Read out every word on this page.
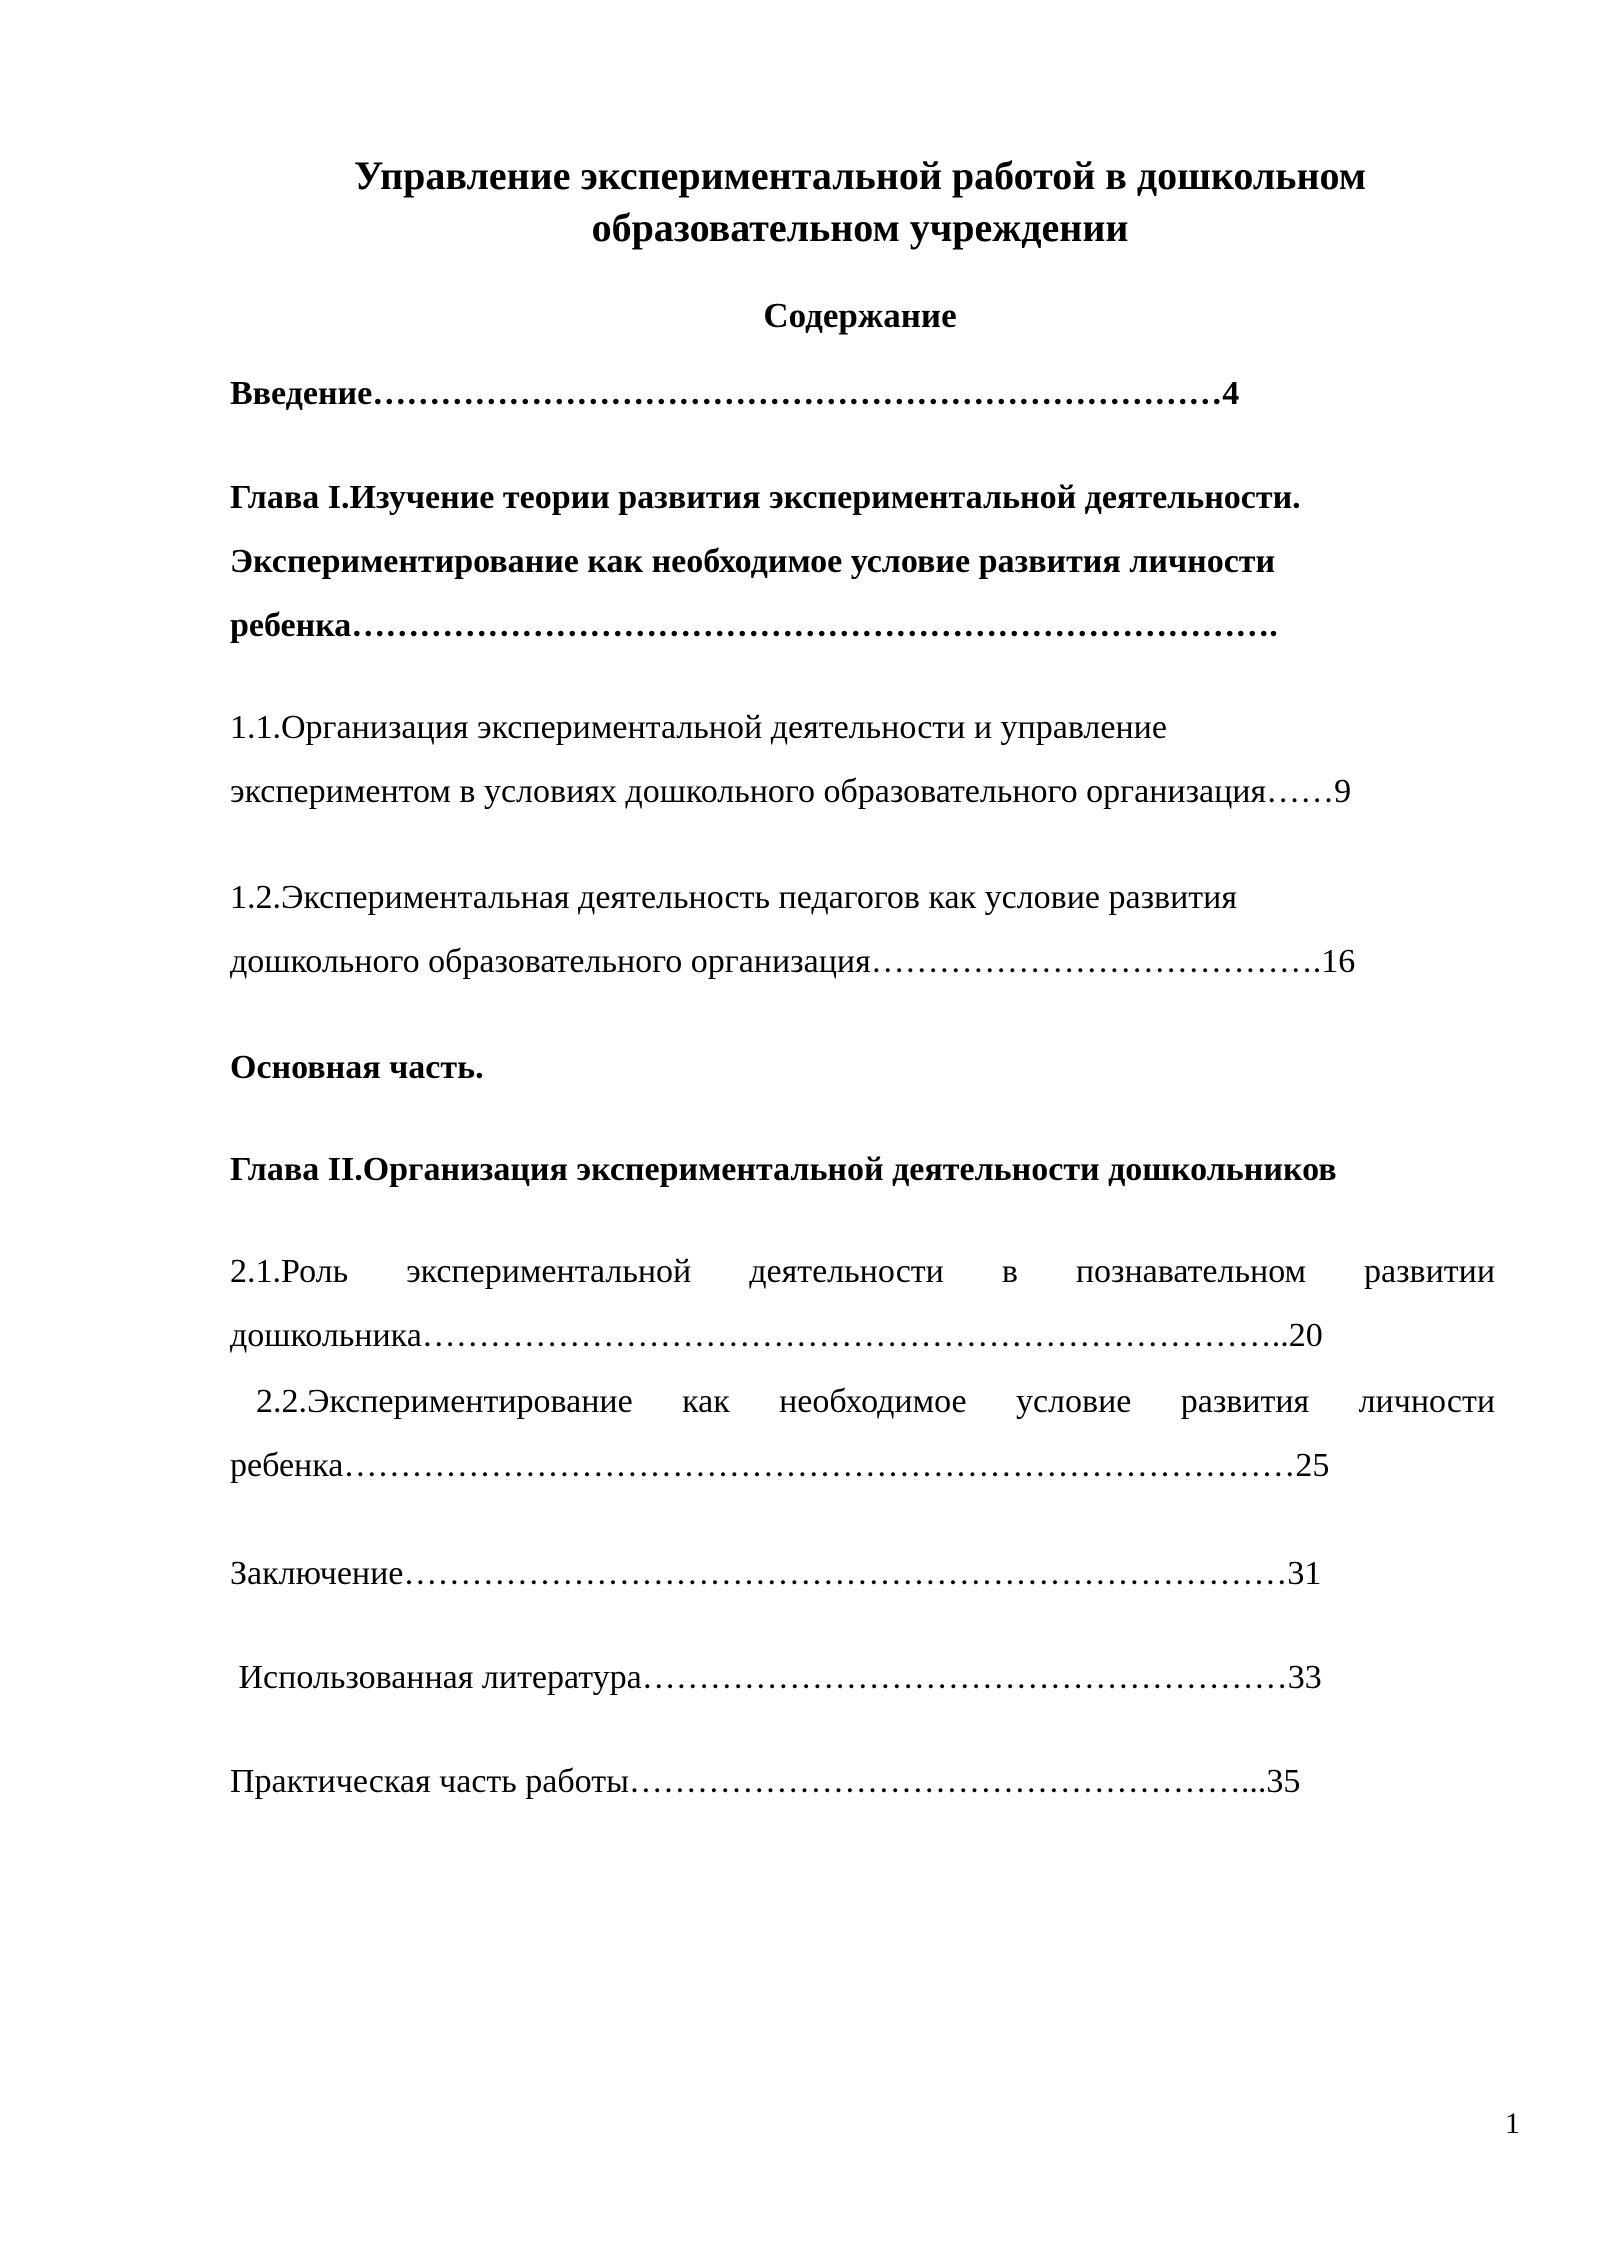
Управление экспериментальной работой в дошкольном
образовательном учреждении
Содержание
Введение…………………………………………………………………4
Глава I.Изучение теории развития экспериментальной деятельности.
Экспериментирование как необходимое условие развития личности
ребенка……………………………………………………………………….
1.1.Организация экспериментальной деятельности и управление
экспериментом в условиях дошкольного образовательного организация……9
1.2.Экспериментальная деятельность педагогов как условие развития
дошкольного образовательного организация………………………………….16
Основная часть.
Глава II.Организация экспериментальной деятельности дошкольников
2.1.Роль экспериментальной деятельности в познавательном развитии
дошкольника…………………………………………………………………..20
2.2.Экспериментирование как необходимое условие развития личности
ребенка…………………………………………………………………………25
Заключение……………………………………………………………………31
Использованная литература…………………………………………………33
Практическая часть работы………………………………………………...35
1
